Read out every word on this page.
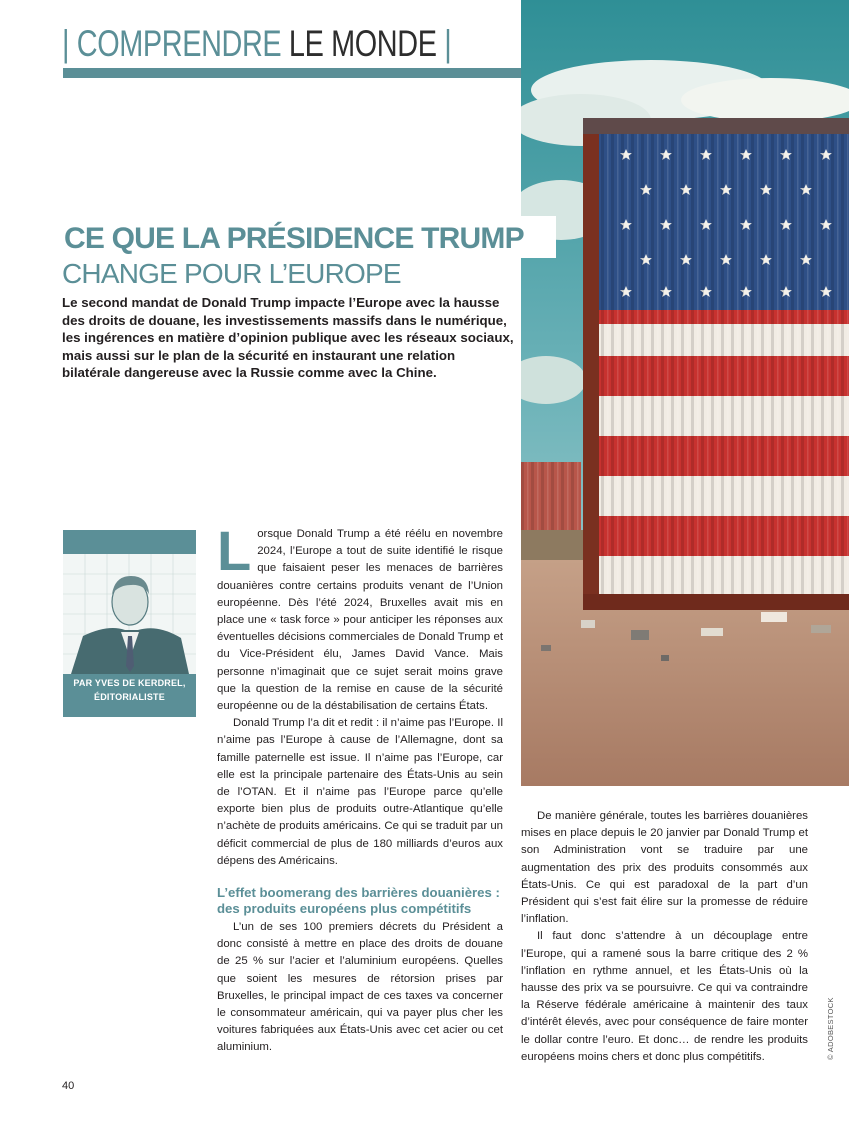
| COMPRENDRE LE MONDE |
CE QUE LA PRÉSIDENCE TRUMP
CHANGE POUR L’EUROPE
Le second mandat de Donald Trump impacte l’Europe avec la hausse des droits de douane, les investissements massifs dans le numérique, les ingérences en matière d’opinion publique avec les réseaux sociaux, mais aussi sur le plan de la sécurité en instaurant une relation bilatérale dangereuse avec la Russie comme avec la Chine.
PAR YVES DE KERDREL,
ÉDITORIALISTE

Lorsque Donald Trump a été réélu en novembre 2024, l’Europe a tout de suite identifié le risque que faisaient peser les menaces de barrières douanières contre certains produits venant de l’Union européenne. Dès l’été 2024, Bruxelles avait mis en place une « task force » pour anticiper les réponses aux éventuelles décisions commerciales de Donald Trump et du Vice-Président élu, James David Vance. Mais personne n’imaginait que ce sujet serait moins grave que la question de la remise en cause de la sécurité européenne ou de la déstabilisation de certains États.

Donald Trump l’a dit et redit : il n’aime pas l’Europe. Il n’aime pas l’Europe à cause de l’Allemagne, dont sa famille paternelle est issue. Il n’aime pas l’Europe, car elle est la principale partenaire des États-Unis au sein de l’OTAN. Et il n’aime pas l’Europe parce qu’elle exporte bien plus de produits outre-Atlantique qu’elle n’achète de produits américains. Ce qui se traduit par un déficit commercial de plus de 180 milliards d’euros aux dépens des Américains.

L’effet boomerang des barrières douanières : des produits européens plus compétitifs

L’un de ses 100 premiers décrets du Président a donc consisté à mettre en place des droits de douane de 25 % sur l’acier et l’aluminium européens. Quelles que soient les mesures de rétorsion prises par Bruxelles, le principal impact de ces taxes va concerner le consommateur américain, qui va payer plus cher les voitures fabriquées aux États-Unis avec cet acier ou cet aluminium.

De manière générale, toutes les barrières douanières mises en place depuis le 20 janvier par Donald Trump et son Administration vont se traduire par une augmentation des prix des produits consommés aux États-Unis. Ce qui est paradoxal de la part d’un Président qui s’est fait élire sur la promesse de réduire l’inflation.

Il faut donc s’attendre à un découplage entre l’Europe, qui a ramené sous la barre critique des 2 % l’inflation en rythme annuel, et les États-Unis où la hausse des prix va se poursuivre. Ce qui va contraindre la Réserve fédérale américaine à maintenir des taux d’intérêt élevés, avec pour conséquence de faire monter le dollar contre l’euro. Et donc… de rendre les produits européens moins chers et donc plus compétitifs.

40
© ADOBESTOCK
